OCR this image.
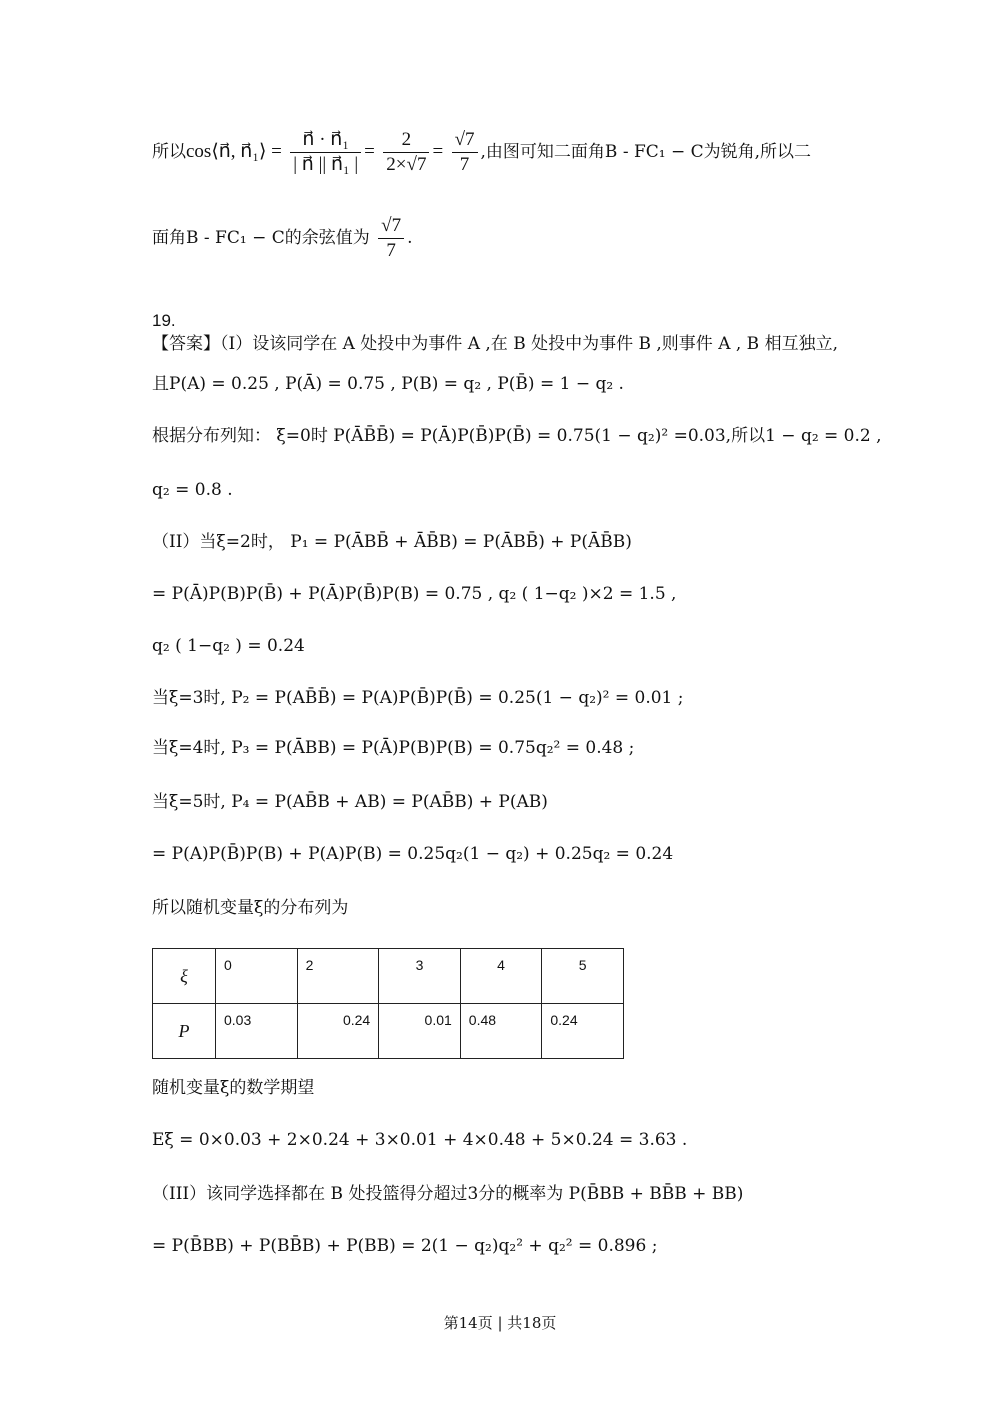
所以cos⟨n⃗, n⃗₁⟩ = $\frac{\text{n⃗ · n⃗₁}}{\text{| n⃗ || n⃗₁ |}} = \frac{2}{2\times√7} = \frac{√7}{7}$ ,由图可知二面角B - FC₁ − C为锐角,所以二
面角B - FC₁ − C的余弦值为 $\frac{√7}{7}$ .
19.
【答案】（I）设该同学在 A 处投中为事件 A ,在 B 处投中为事件 B ,则事件 A , B 相互独立,
且P(A) = 0.25 , P(Ā) = 0.75 , P(B) = q₂ , P(B̄) = 1 − q₂ .
根据分布列知： ξ=0时 P(ĀB̄B̄) = P(Ā)P(B̄)P(B̄) = 0.75(1 − q₂)² =0.03,所以1 − q₂ = 0.2 ,
q₂ = 0.8 .
（II）当ξ=2时， P₁ = P(ĀBB̄ + ĀB̄B) = P(ĀBB̄) + P(ĀB̄B)
= P(Ā)P(B)P(B̄) + P(Ā)P(B̄)P(B) = 0.75 , q₂ ( 1−q₂ )×2 = 1.5 ,
q₂ ( 1−q₂ ) = 0.24
当ξ=3时, P₂ = P(AB̄B̄) = P(A)P(B̄)P(B̄) = 0.25(1 − q₂)² = 0.01 ;
当ξ=4时, P₃ = P(ĀBB) = P(Ā)P(B)P(B) = 0.75q₂² = 0.48 ;
当ξ=5时, P₄ = P(AB̄B + AB) = P(AB̄B) + P(AB)
= P(A)P(B̄)P(B) + P(A)P(B) = 0.25q₂(1 − q₂) + 0.25q₂ = 0.24
所以随机变量ξ的分布列为
ξ	0	2	3	4	5
P	0.03	0.24	0.01	0.48	0.24
随机变量ξ的数学期望
Eξ = 0×0.03 + 2×0.24 + 3×0.01 + 4×0.48 + 5×0.24 = 3.63 .
（III）该同学选择都在 B 处投篮得分超过3分的概率为 P(B̄BB + BB̄B + BB)
= P(B̄BB) + P(BB̄B) + P(BB) = 2(1 − q₂)q₂² + q₂² = 0.896 ;
第14页 | 共18页
